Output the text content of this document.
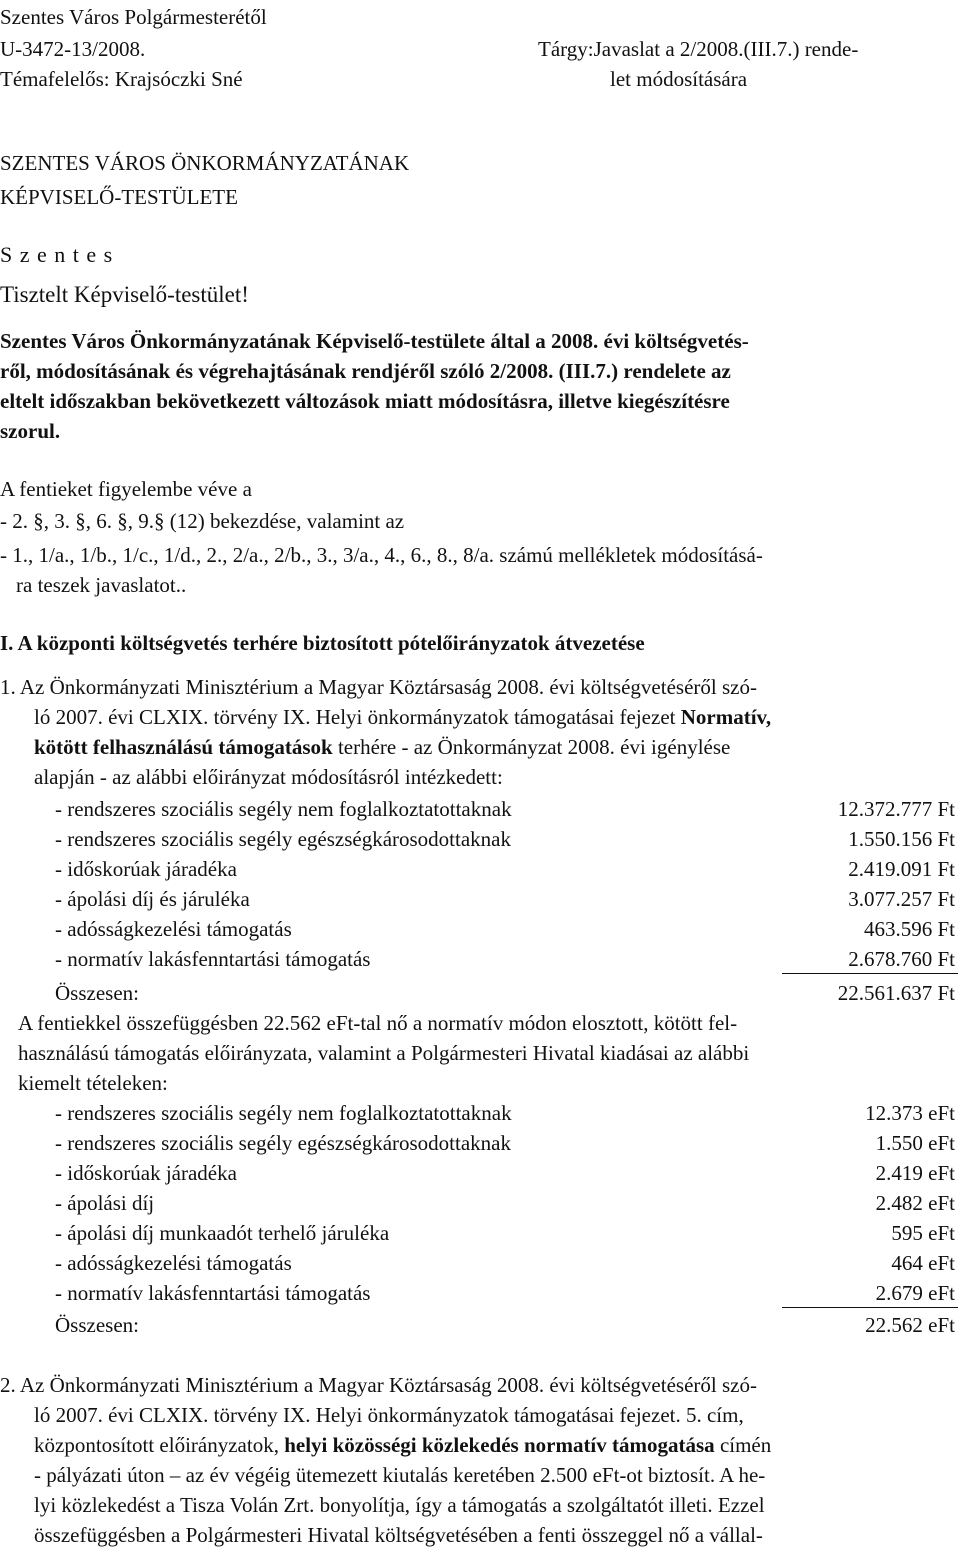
Szentes Város Polgármesterétől
U-3472-13/2008.	Tárgy:Javaslat a 2/2008.(III.7.) rende-
Témafelelős: Krajsóczki Sné	let módosítására
SZENTES VÁROS ÖNKORMÁNYZATÁNAK
KÉPVISELŐ-TESTÜLETE
S z e n t e s
Tisztelt Képviselő-testület!
Szentes Város Önkormányzatának Képviselő-testülete által a 2008. évi költségvetés-
ről, módosításának és végrehajtásának rendjéről szóló 2/2008. (III.7.) rendelete az
eltelt időszakban bekövetkezett változások miatt módosításra, illetve kiegészítésre
szorul.
A fentieket figyelembe véve a
- 2. §, 3. §, 6. §, 9.§ (12) bekezdése, valamint az
- 1., 1/a., 1/b., 1/c., 1/d., 2., 2/a., 2/b., 3., 3/a., 4., 6., 8., 8/a. számú mellékletek módosításá-
ra teszek javaslatot..
I. A központi költségvetés terhére biztosított pótelőirányzatok átvezetése
1. Az Önkormányzati Minisztérium a Magyar Köztársaság 2008. évi költségvetéséről szó-
ló 2007. évi CLXIX. törvény IX. Helyi önkormányzatok támogatásai fejezet Normatív,
kötött felhasználású támogatások terhére - az Önkormányzat 2008. évi igénylése
alapján - az alábbi előirányzat módosításról intézkedett:
- rendszeres szociális segély nem foglalkoztatottaknak	12.372.777 Ft
- rendszeres szociális segély egészségkárosodottaknak	1.550.156 Ft
- időskorúak járadéka	2.419.091 Ft
- ápolási díj és járuléka	3.077.257 Ft
- adósságkezelési támogatás	463.596 Ft
- normatív lakásfenntartási támogatás	2.678.760 Ft
Összesen:	22.561.637 Ft
A fentiekkel összefüggésben 22.562 eFt-tal nő a normatív módon elosztott, kötött fel-
használású támogatás előirányzata, valamint a Polgármesteri Hivatal kiadásai az alábbi
kiemelt tételeken:
- rendszeres szociális segély nem foglalkoztatottaknak	12.373 eFt
- rendszeres szociális segély egészségkárosodottaknak	1.550 eFt
- időskorúak járadéka	2.419 eFt
- ápolási díj	2.482 eFt
- ápolási díj munkaadót terhelő járuléka	595 eFt
- adósságkezelési támogatás	464 eFt
- normatív lakásfenntartási támogatás	2.679 eFt
Összesen:	22.562 eFt
2. Az Önkormányzati Minisztérium a Magyar Köztársaság 2008. évi költségvetéséről szó-
ló 2007. évi CLXIX. törvény IX. Helyi önkormányzatok támogatásai fejezet. 5. cím,
központosított előirányzatok, helyi közösségi közlekedés normatív támogatása címén
- pályázati úton – az év végéig ütemezett kiutalás keretében 2.500 eFt-ot biztosít. A he-
lyi közlekedést a Tisza Volán Zrt. bonyolítja, így a támogatás a szolgáltatót illeti. Ezzel
összefüggésben a Polgármesteri Hivatal költségvetésében a fenti összeggel nő a vállal-
